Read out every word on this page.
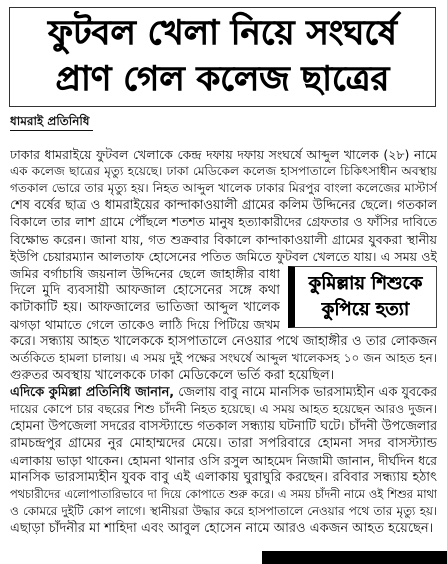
ফুটবল খেলা নিয়ে সংঘর্ষে
প্রাণ গেল কলেজ ছাত্রের
ধামরাই প্রতিনিধি
ঢাকার ধামরাইয়ে ফুটবল খেলাকে কেন্দ্র দফায় দফায় সংঘর্ষে আব্দুল খালেক (২৮) নামে
এক কলেজ ছাত্রের মৃত্যু হয়েছে। ঢাকা মেডিকেল কলেজ হাসপাতালে চিকিৎসাধীন অবস্থায়
গতকাল ভোরে তার মৃত্যু হয়। নিহত আব্দুল খালেক ঢাকার মিরপুর বাংলা কলেজের মাস্টার্স
শেষ বর্ষের ছাত্র ও ধামরাইয়ের কান্দাকাওয়ালী গ্রামের কলিম উদ্দিনের ছেলে। গতকাল
বিকালে তার লাশ গ্রামে পৌঁছলে শতশত মানুষ হত্যাকারীদের গ্রেফতার ও ফাঁসির দাবিতে
বিক্ষোভ করেন। জানা যায়, গত শুক্রবার বিকালে কান্দাকাওয়ালী গ্রামের যুবকরা স্থানীয়
ইউপি চেয়ারম্যান আলতাফ হোসেনের পতিত জমিতে ফুটবল খেলতে যায়। এ সময় ওই
জমির বর্গাচাষি জয়নাল উদ্দিনের ছেলে জাহাঙ্গীর বাধা
দিলে মুদি ব্যবসায়ী আফজাল হোসেনের সঙ্গে কথা
কাটাকাটি হয়। আফজালের ভাতিজা আব্দুল খালেক
ঝগড়া থামাতে গেলে তাকেও লাঠি দিয়ে পিটিয়ে জখম
করে। সন্ধ্যায় আহত খালেককে হাসপাতালে নেওয়ার পথে জাহাঙ্গীর ও তার লোকজন
অর্তকিতে হামলা চালায়। এ সময় দুই পক্ষের সংঘর্ষে আব্দুল খালেকসহ ১০ জন আহত হন।
গুরুতর অবস্থায় খালেককে ঢাকা মেডিকেলে ভর্তি করা হয়েছিল।
কুমিল্লায় শিশুকে
কুপিয়ে হত্যা
এদিকে কুমিল্লা প্রতিনিধি জানান, জেলায় বাবু নামে মানসিক ভারসাম্যহীন এক যুবকের
দায়ের কোপে চার বছরের শিশু চাঁদনী নিহত হয়েছে। এ সময় আহত হয়েছেন আরও দুজন।
হোমনা উপজেলা সদরের বাসস্ট্যান্ডে গতকাল সন্ধ্যায় ঘটনাটি ঘটে। চাঁদনী উপজেলার
রামচন্দ্রপুর গ্রামের নুর মোহাম্মদের মেয়ে। তারা সপরিবারে হোমনা সদর বাসস্ট্যান্ড
এলাকায় ভাড়া থাকেন। হোমনা থানার ওসি রসুল আহমেদ নিজামী জানান, দীর্ঘদিন ধরে
মানসিক ভারসাম্যহীন যুবক বাবু এই এলাকায় ঘুরাঘুরি করছেন। রবিবার সন্ধ্যায় হঠাৎ
পথচারীদের এলোপাতারিভাবে দা দিয়ে কোপাতে শুরু করে। এ সময় চাঁদনী নামে ওই শিশুর মাথা
ও কোমরে দুইটি কোপ লাগে। স্থানীয়রা উদ্ধার করে হাসপাতালে নেওয়ার পথে তার মৃত্যু হয়।
এছাড়া চাঁদনীর মা শাহিদা এবং আবুল হোসেন নামে আরও একজন আহত হয়েছেন।
